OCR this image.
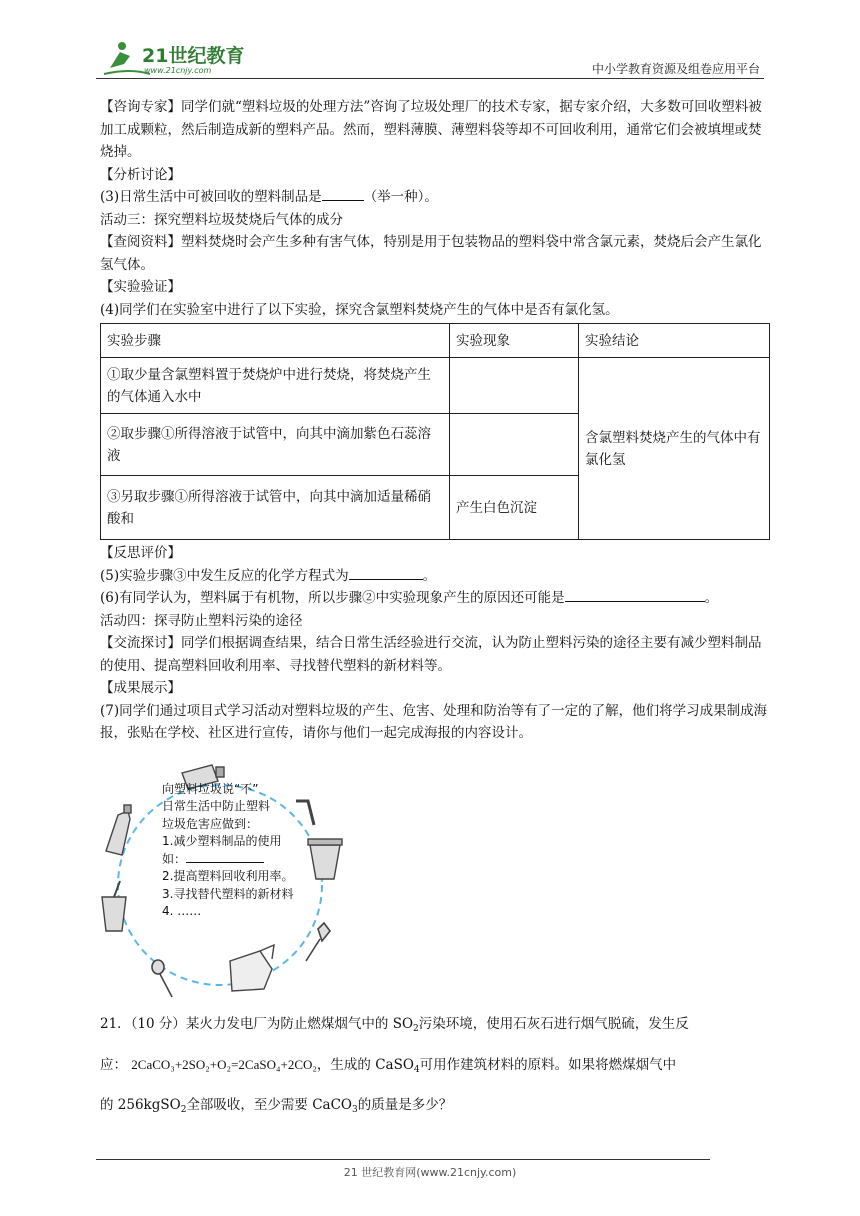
21世纪教育
www.21cnjy.com	中小学教育资源及组卷应用平台

【咨询专家】同学们就“塑料垃圾的处理方法”咨询了垃圾处理厂的技术专家，据专家介绍，大多数可回收塑料被加工成颗粒，然后制造成新的塑料产品。然而，塑料薄膜、薄塑料袋等却不可回收利用，通常它们会被填埋或焚烧掉。

【分析讨论】

(3)日常生活中可被回收的塑料制品是	（举一种）。

活动三：探究塑料垃圾焚烧后气体的成分

【查阅资料】塑料焚烧时会产生多种有害气体，特别是用于包装物品的塑料袋中常含氯元素，焚烧后会产生氯化氢气体。

【实验验证】

(4)同学们在实验室中进行了以下实验，探究含氯塑料焚烧产生的气体中是否有氯化氢。

实验步骤	实验现象	实验结论
①取少量含氯塑料置于焚烧炉中进行焚烧，将焚烧产生的气体通入水中		含氯塑料焚烧产生的气体中有氯化氢
②取步骤①所得溶液于试管中，向其中滴加紫色石蕊溶液		
③另取步骤①所得溶液于试管中，向其中滴加适量稀硝酸和	产生白色沉淀	

【反思评价】

(5)实验步骤③中发生反应的化学方程式为	。

(6)有同学认为，塑料属于有机物，所以步骤②中实验现象产生的原因还可能是	。

活动四：探寻防止塑料污染的途径

【交流探讨】同学们根据调查结果，结合日常生活经验进行交流，认为防止塑料污染的途径主要有减少塑料制品的使用、提高塑料回收利用率、寻找替代塑料的新材料等。

【成果展示】

(7)同学们通过项目式学习活动对塑料垃圾的产生、危害、处理和防治等有了一定的了解，他们将学习成果制成海报，张贴在学校、社区进行宣传，请你与他们一起完成海报的内容设计。

向塑料垃圾说“不”
日常生活中防止塑料
垃圾危害应做到：
1.减少塑料制品的使用
如：
2.提高塑料回收利用率。
3.寻找替代塑料的新材料
4. ……

21．（10 分）某火力发电厂为防止燃煤烟气中的 $SO_2$污染环境，使用石灰石进行烟气脱硫，发生反

应： 2CaCO₃+2SO₂+O₂=2CaSO₄+2CO₂，生成的 CaSO$_4$可用作建筑材料的原料。如果将燃煤烟气中

的 256kgSO$_2$全部吸收，至少需要 CaCO$_3$的质量是多少？

21 世纪教育网(www.21cnjy.com)
